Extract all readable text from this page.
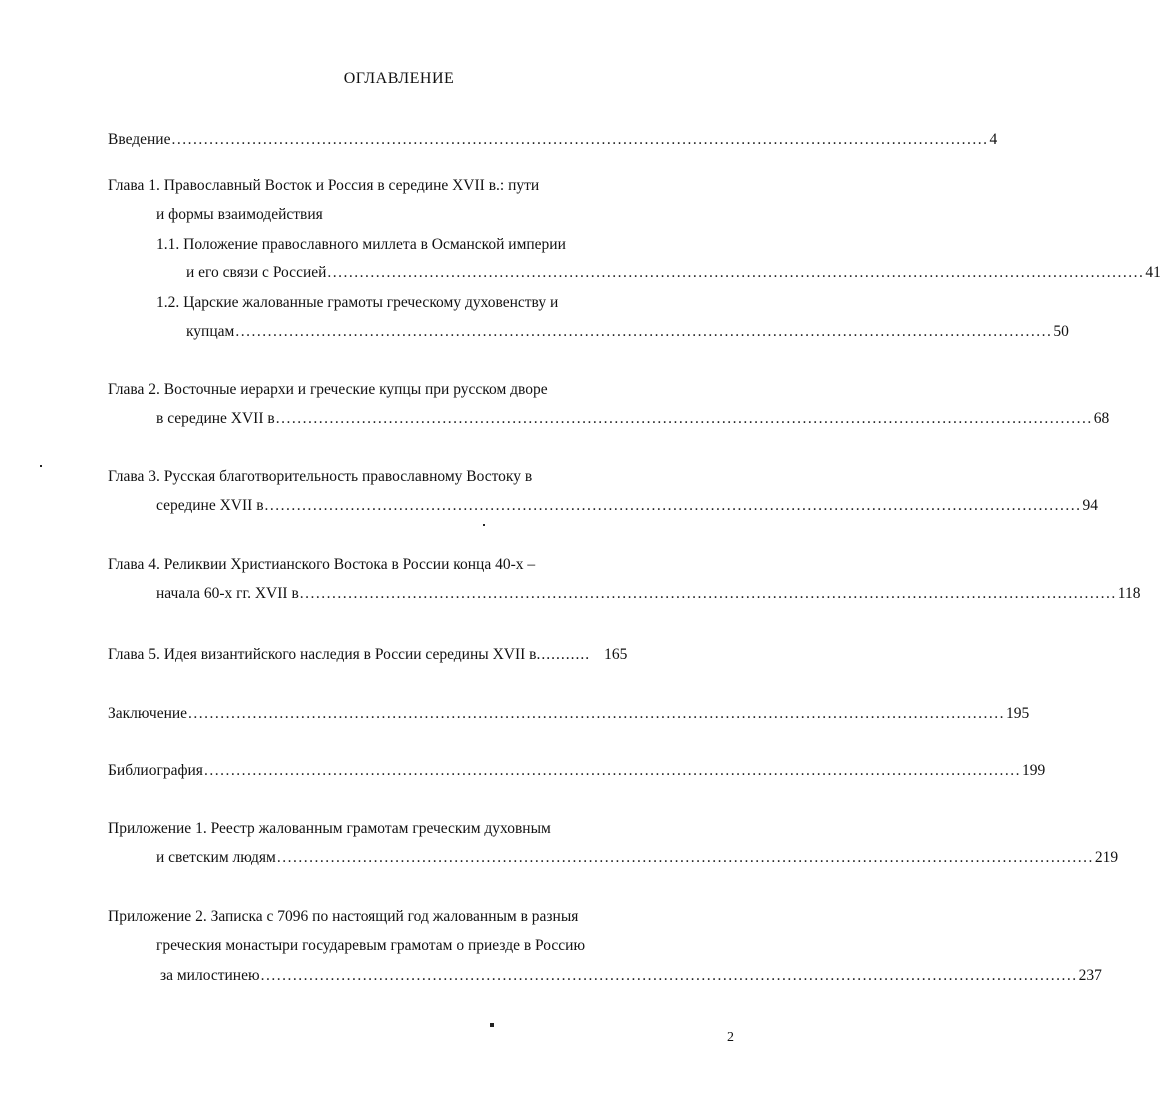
ОГЛАВЛЕНИЕ
Введение ........................................................................................................................................................ 4
Глава 1. Православный Восток и Россия в середине XVII в.: пути
и формы взаимодействия
1.1. Положение православного миллета в Османской империи
и его связи с Россией ........................................................................................................................................................ 41
1.2. Царские жалованные грамоты греческому духовенству и
купцам ........................................................................................................................................................ 50
Глава 2. Восточные иерархи и греческие купцы при русском дворе
в середине XVII в ........................................................................................................................................................ 68
Глава 3. Русская благотворительность православному Востоку в
середине XVII в ........................................................................................................................................................ 94
Глава 4. Реликвии Христианского Востока в России конца 40-х –
начала 60-х гг. XVII в ........................................................................................................................................................ 118
Глава 5. Идея византийского наследия в России середины XVII в........... 165
Заключение ........................................................................................................................................................ 195
Библиография ........................................................................................................................................................ 199
Приложение 1. Реестр жалованным грамотам греческим духовным
и светским людям ........................................................................................................................................................ 219
Приложение 2. Записка с 7096 по настоящий год жалованным в разныя
греческия монастыри государевым грамотам о приезде в Россию
за милостинею ........................................................................................................................................................ 237
2
